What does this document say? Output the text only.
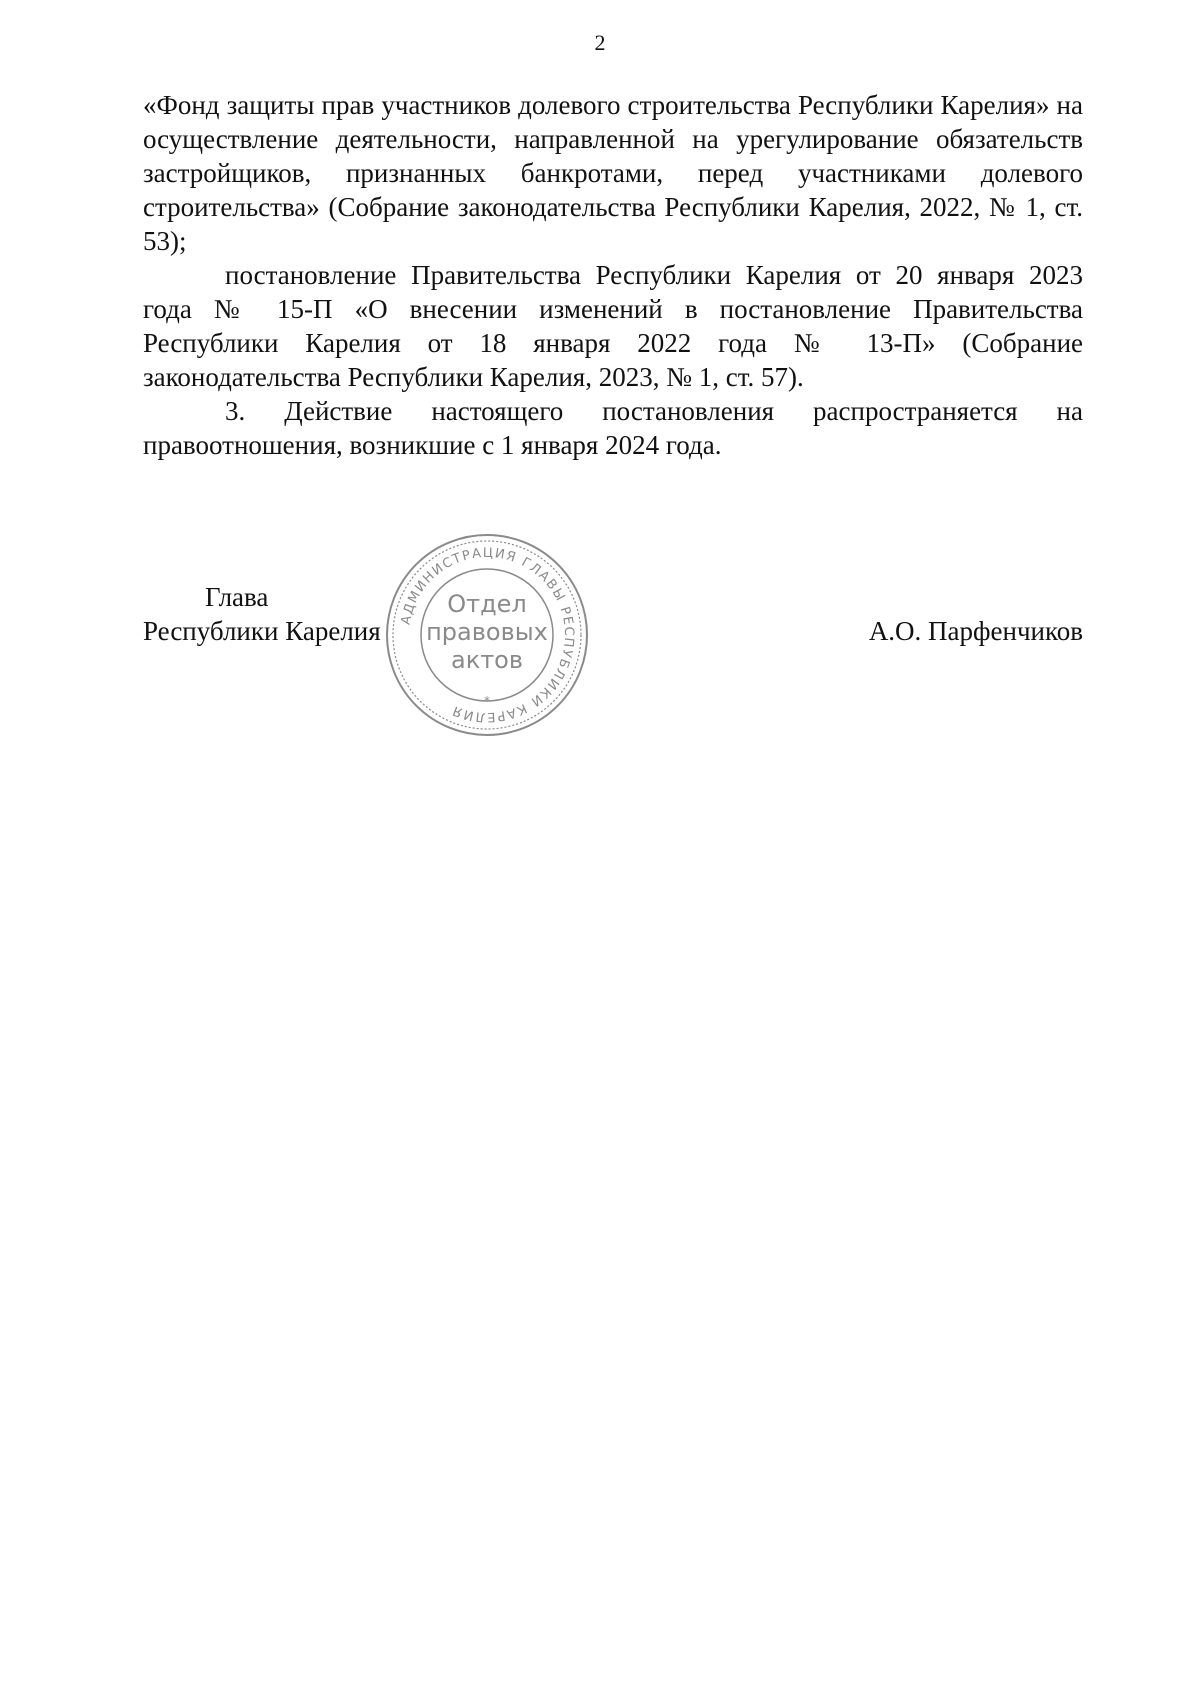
2

«Фонд защиты прав участников долевого строительства Республики Карелия» на осуществление деятельности, направленной на урегулирование обязательств застройщиков, признанных банкротами, перед участниками долевого строительства» (Собрание законодательства Республики Карелия, 2022, № 1, ст. 53);

постановление Правительства Республики Карелия от 20 января 2023 года № 15-П «О внесении изменений в постановление Правительства Республики Карелия от 18 января 2022 года № 13-П» (Собрание законодательства Республики Карелия, 2023, № 1, ст. 57).

3. Действие настоящего постановления распространяется на правоотношения, возникшие с 1 января 2024 года.

Глава
Республики Карелия	А.О. Парфенчиков
АДМИНИСТРАЦИЯ ГЛАВЫ РЕСПУБЛИКИ КАРЕЛИЯ
*
Отдел
правовых
актов
